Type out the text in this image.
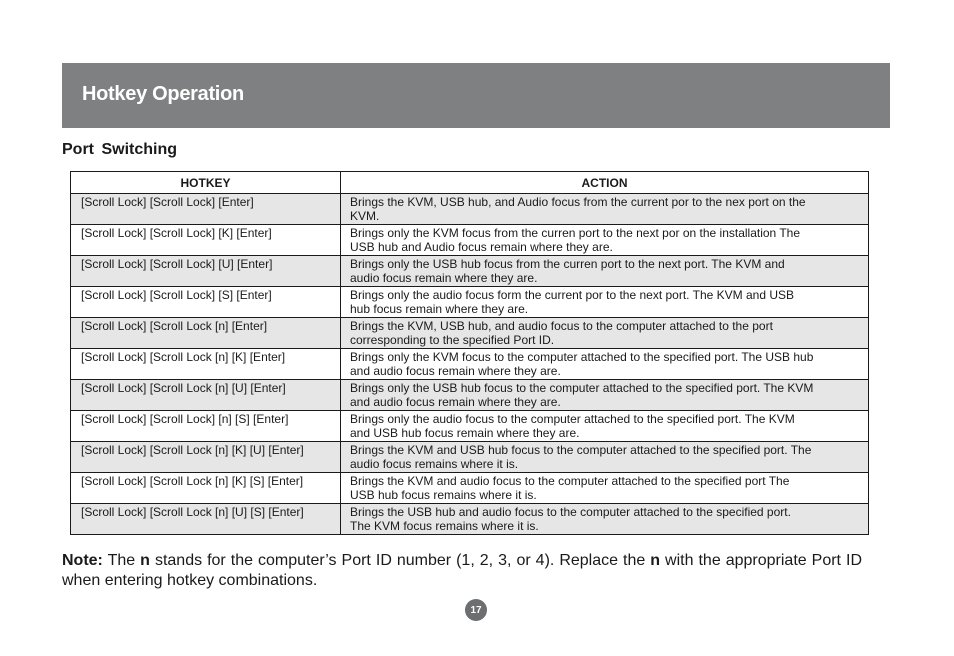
Hotkey Operation
Port Switching
HOTKEY	ACTION
[Scroll Lock] [Scroll Lock] [Enter]	Brings the KVM, USB hub, and Audio focus from the current por to the nex port on the
KVM.
[Scroll Lock] [Scroll Lock] [K] [Enter]	Brings only the KVM focus from the curren port to the next por on the installation The
USB hub and Audio focus remain where they are.
[Scroll Lock] [Scroll Lock] [U] [Enter]	Brings only the USB hub focus from the curren port to the next port. The KVM and
audio focus remain where they are.
[Scroll Lock] [Scroll Lock] [S] [Enter]	Brings only the audio focus form the current por to the next port. The KVM and USB
hub focus remain where they are.
[Scroll Lock] [Scroll Lock [n] [Enter]	Brings the KVM, USB hub, and audio focus to the computer attached to the port
corresponding to the specified Port ID.
[Scroll Lock] [Scroll Lock [n] [K] [Enter]	Brings only the KVM focus to the computer attached to the specified port. The USB hub
and audio focus remain where they are.
[Scroll Lock] [Scroll Lock [n] [U] [Enter]	Brings only the USB hub focus to the computer attached to the specified port. The KVM
and audio focus remain where they are.
[Scroll Lock] [Scroll Lock] [n] [S] [Enter]	Brings only the audio focus to the computer attached to the specified port. The KVM
and USB hub focus remain where they are.
[Scroll Lock] [Scroll Lock [n] [K] [U] [Enter]	Brings the KVM and USB hub focus to the computer attached to the specified port. The
audio focus remains where it is.
[Scroll Lock] [Scroll Lock [n] [K] [S] [Enter]	Brings the KVM and audio focus to the computer attached to the specified port The
USB hub focus remains where it is.
[Scroll Lock] [Scroll Lock [n] [U] [S] [Enter]	Brings the USB hub and audio focus to the computer attached to the specified port.
The KVM focus remains where it is.
Note: The n stands for the computer’s Port ID number (1, 2, 3, or 4). Replace the n with the appropriate Port ID when entering hotkey combinations.
17
